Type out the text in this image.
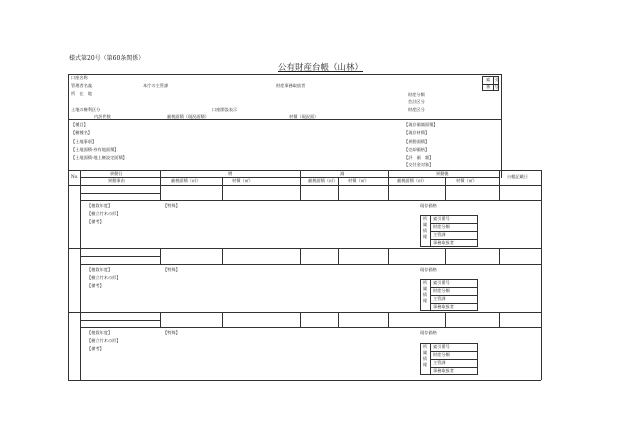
様式第20号（第60条関係）
公有財産台帳（山林）
索　引
番　号
口座名称
管理者名義	本庁の主管課	財産事務取扱者
所　在　地	財産分類
会計区分
土地の権利区分	口座開設表示	財産区分
内訳件数	厳税面積（現況面積）	材積（現況面）
【種目】
【樹種名】
【土地事項】
【土地面積-券有地面積】
【土地面積-地上権設定面積】
【現存価額面積】
【現存材積】
【異動面積】
【売却価格】
【評　価　額】
【交付金対象】
No.
異動日
異動事由
増	減	異動後
厳税面積（㎡）	材積（㎥）	厳税面積（㎡）	材積（㎥）	厳税面積（㎡）	材積（㎥）
台帳記載日
【植栽年度】
【樹立竹木の形】
【備考】
【特殊】	現存価格
所属情報
索引番号
財産分類
主管課
事務取扱者
【植栽年度】
【樹立竹木の形】
【備考】
【特殊】	現存価格
所属情報
索引番号
財産分類
主管課
事務取扱者
【植栽年度】
【樹立竹木の形】
【備考】
【特殊】	現存価格
所属情報
索引番号
財産分類
主管課
事務取扱者
